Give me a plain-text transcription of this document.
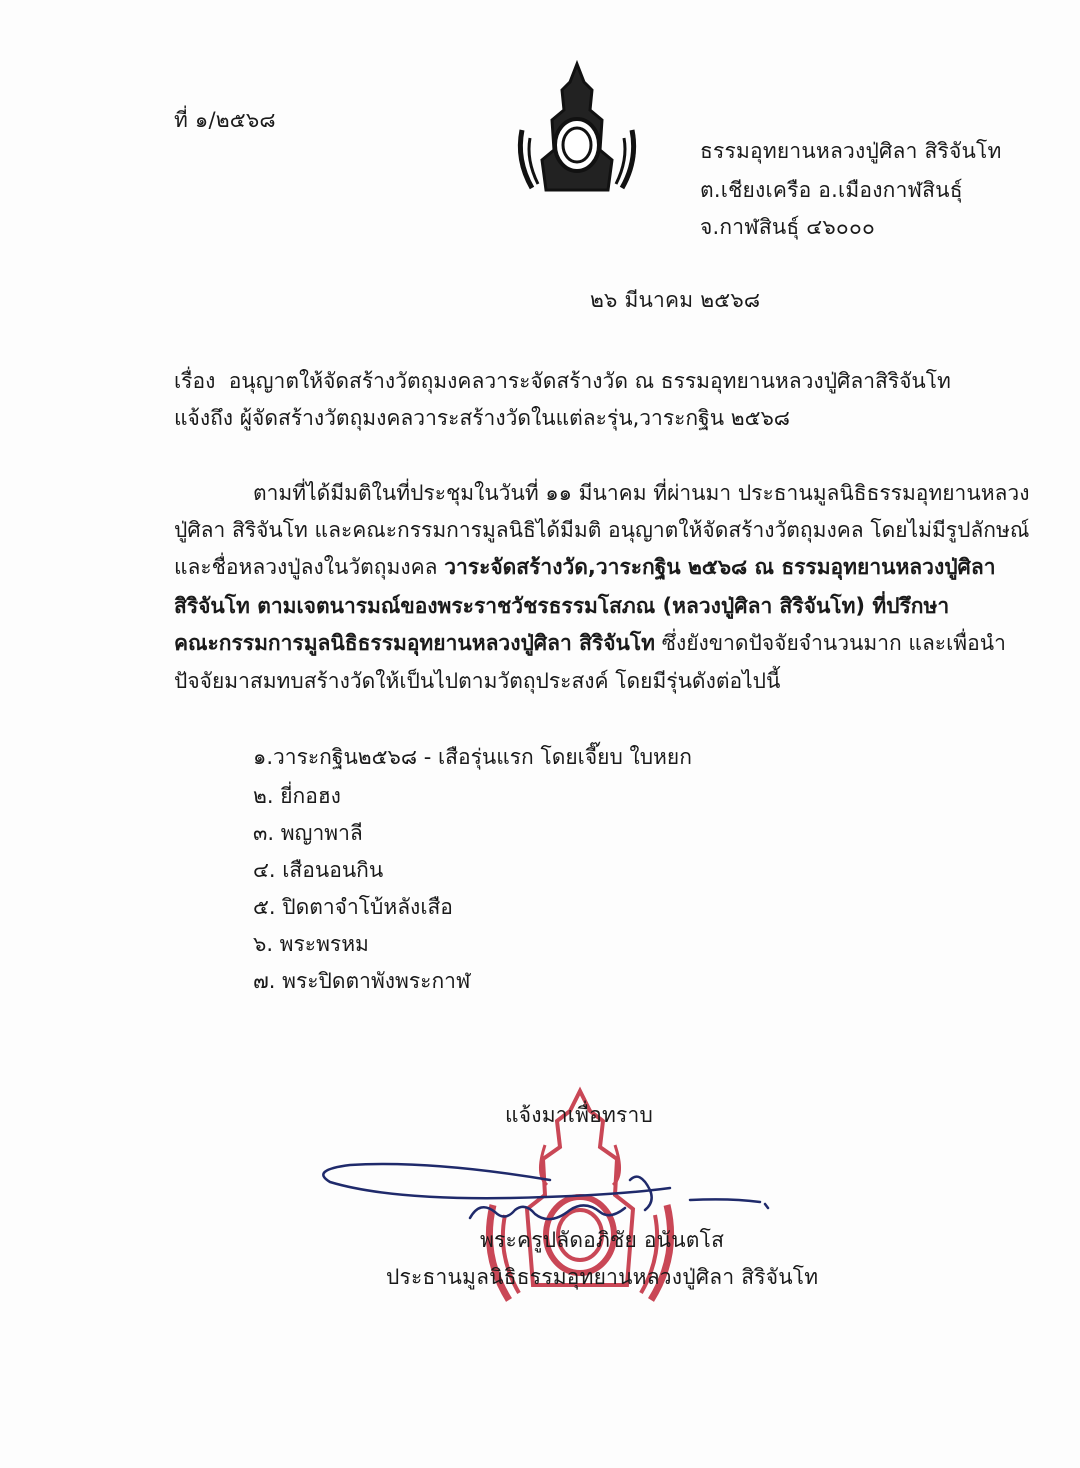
ที่ ๑/๒๕๖๘
ธรรมอุทยานหลวงปู่ศิลา สิริจันโท
ต.เชียงเครือ อ.เมืองกาฬสินธุ์
จ.กาฬสินธุ์ ๔๖๐๐๐
๒๖ มีนาคม ๒๕๖๘
เรื่อง อนุญาตให้จัดสร้างวัตถุมงคลวาระจัดสร้างวัด ณ ธรรมอุทยานหลวงปู่ศิลาสิริจันโท
แจ้งถึง ผู้จัดสร้างวัตถุมงคลวาระสร้างวัดในแต่ละรุ่น,วาระกฐิน ๒๕๖๘
ตามที่ได้มีมติในที่ประชุมในวันที่ ๑๑ มีนาคม ที่ผ่านมา ประธานมูลนิธิธรรมอุทยานหลวง
ปู่ศิลา สิริจันโท และคณะกรรมการมูลนิธิได้มีมติ อนุญาตให้จัดสร้างวัตถุมงคล โดยไม่มีรูปลักษณ์
และชื่อหลวงปู่ลงในวัตถุมงคล วาระจัดสร้างวัด,วาระกฐิน ๒๕๖๘ ณ ธรรมอุทยานหลวงปู่ศิลา
สิริจันโท ตามเจตนารมณ์ของพระราชวัชรธรรมโสภณ (หลวงปู่ศิลา สิริจันโท) ที่ปรึกษา
คณะกรรมการมูลนิธิธรรมอุทยานหลวงปู่ศิลา สิริจันโท ซึ่งยังขาดปัจจัยจำนวนมาก และเพื่อนำ
ปัจจัยมาสมทบสร้างวัดให้เป็นไปตามวัตถุประสงค์ โดยมีรุ่นดังต่อไปนี้
๑.วาระกฐิน๒๕๖๘ - เสือรุ่นแรก โดยเจี๊ยบ ใบหยก
๒. ยี่กอฮง
๓. พญาพาลี
๔. เสือนอนกิน
๕. ปิดตาจำโบ้หลังเสือ
๖. พระพรหม
๗. พระปิดตาพังพระกาฬ
แจ้งมาเพื่อทราบ
พระครูปลัดอภิชัย อนันตโส
ประธานมูลนิธิธรรมอุทยานหลวงปู่ศิลา สิริจันโท
